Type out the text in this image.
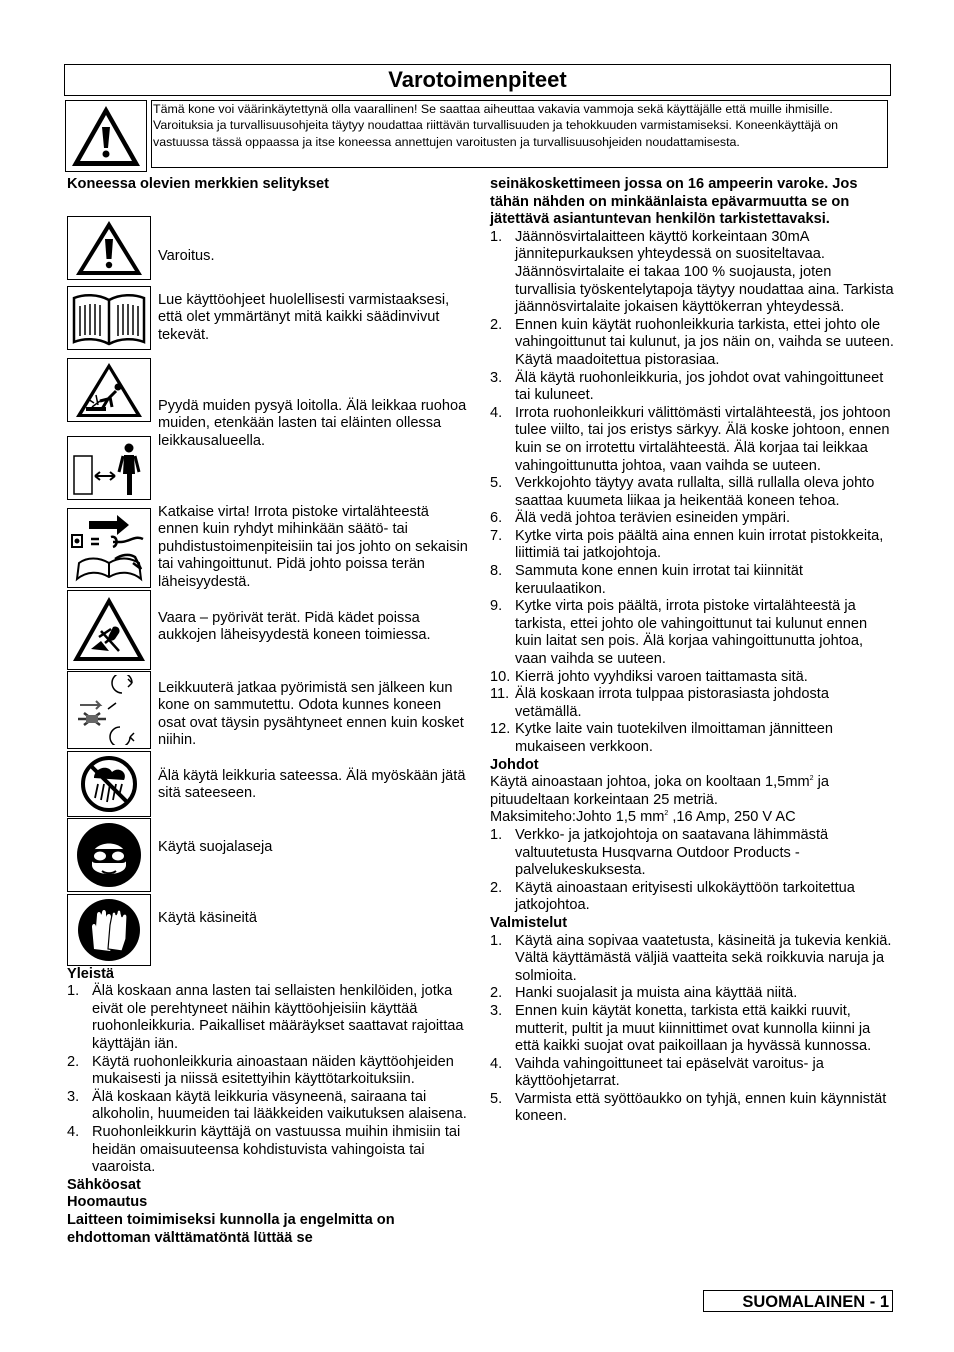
Varotoimenpiteet
Tämä kone voi väärinkäytettynä olla vaarallinen! Se saattaa aiheuttaa vakavia vammoja sekä käyttäjälle että muille ihmisille. Varoituksia ja turvallisuusohjeita täytyy noudattaa riittävän turvallisuuden ja tehokkuuden varmistamiseksi. Koneenkäyttäjä on vastuussa tässä oppaassa ja itse koneessa annettujen varoitusten ja turvallisuusohjeiden noudattamisesta.
Koneessa olevien merkkien selitykset
Varoitus.
Lue käyttöohjeet huolellisesti varmistaaksesi, että olet ymmärtänyt mitä kaikki säädinvivut tekevät.
Pyydä muiden pysyä loitolla. Älä leikkaa ruohoa muiden, etenkään lasten tai eläinten ollessa leikkausalueella.
Katkaise virta! Irrota pistoke virtalähteestä ennen kuin ryhdyt mihinkään säätö- tai puhdistustoimenpiteisiin tai jos johto on sekaisin tai vahingoittunut. Pidä johto poissa terän läheisyydestä.
Vaara – pyörivät terät. Pidä kädet poissa aukkojen läheisyydestä koneen toimiessa.
Leikkuuterä jatkaa pyörimistä sen jälkeen kun kone on sammutettu. Odota kunnes koneen osat ovat täysin pysähtyneet ennen kuin kosket niihin.
Älä käytä leikkuria sateessa. Älä myöskään jätä sitä sateeseen.
Käytä suojalaseja
Käytä käsineitä
Yleistä
1. Älä koskaan anna lasten tai sellaisten henkilöiden, jotka eivät ole perehtyneet näihin käyttöohjeisiin käyttää ruohonleikkuria. Paikalliset määräykset saattavat rajoittaa käyttäjän iän.
2. Käytä ruohonleikkuria ainoastaan näiden käyttöohjeiden mukaisesti ja niissä esitettyihin käyttötarkoituksiin.
3. Älä koskaan käytä leikkuria väsyneenä, sairaana tai alkoholin, huumeiden tai lääkkeiden vaikutuksen alaisena.
4. Ruohonleikkurin käyttäjä on vastuussa muihin ihmisiin tai heidän omaisuuteensa kohdistuvista vahingoista tai vaaroista.
Sähköosat
Hoomautus
Laitteen toimimiseksi kunnolla ja engelmitta on ehdottoman välttämatöntä lüttää se
seinäkoskettimeen jossa on 16 ampeerin varoke. Jos tähän nähden on minkäänlaista epävarmuutta se on jätettävä asiantuntevan henkilön tarkistettavaksi.
1. Jäännösvirtalaitteen käyttö korkeintaan 30mA jännitepurkauksen yhteydessä on suositeltavaa. Jäännösvirtalaite ei takaa 100 % suojausta, joten turvallisia työskentelytapoja täytyy noudattaa aina. Tarkista jäännösvirtalaite jokaisen käyttökerran yhteydessä.
2. Ennen kuin käytät ruohonleikkuria tarkista, ettei johto ole vahingoittunut tai kulunut, ja jos näin on, vaihda se uuteen. Käytä maadoitettua pistorasiaa.
3. Älä käytä ruohonleikkuria, jos johdot ovat vahingoittuneet tai kuluneet.
4. Irrota ruohonleikkuri välittömästi virtalähteestä, jos johtoon tulee viilto, tai jos eristys särkyy. Älä koske johtoon, ennen kuin se on irrotettu virtalähteestä. Älä korjaa tai leikkaa vahingoittunutta johtoa, vaan vaihda se uuteen.
5. Verkkojohto täytyy avata rullalta, sillä rullalla oleva johto saattaa kuumeta liikaa ja heikentää koneen tehoa.
6. Älä vedä johtoa terävien esineiden ympäri.
7. Kytke virta pois päältä aina ennen kuin irrotat pistokkeita, liittimiä tai jatkojohtoja.
8. Sammuta kone ennen kuin irrotat tai kiinnität keruulaatikon.
9. Kytke virta pois päältä, irrota pistoke virtalähteestä ja tarkista, ettei johto ole vahingoittunut tai kulunut ennen kuin laitat sen pois. Älä korjaa vahingoittunutta johtoa, vaan vaihda se uuteen.
10. Kierrä johto vyyhdiksi varoen taittamasta sitä.
11. Älä koskaan irrota tulppaa pistorasiasta johdosta vetämällä.
12. Kytke laite vain tuotekilven ilmoittaman jännitteen mukaiseen verkkoon.
Johdot
Käytä ainoastaan johtoa, joka on kooltaan $1,5mm^2$ ja pituudeltaan korkeintaan 25 metriä.
Maksimiteho:Johto 1,5 $mm^2$ ,16 Amp, 250 V AC
1. Verkko- ja jatkojohtoja on saatavana lähimmästä valtuutetusta Husqvarna Outdoor Products -palvelukeskuksesta.
2. Käytä ainoastaan erityisesti ulkokäyttöön tarkoitettua jatkojohtoa.
Valmistelut
1. Käytä aina sopivaa vaatetusta, käsineitä ja tukevia kenkiä. Vältä käyttämästä väljiä vaatteita sekä roikkuvia naruja ja solmioita.
2. Hanki suojalasit ja muista aina käyttää niitä.
3. Ennen kuin käytät konetta, tarkista että kaikki ruuvit, mutterit, pultit ja muut kiinnittimet ovat kunnolla kiinni ja että kaikki suojat ovat paikoillaan ja hyvässä kunnossa.
4. Vaihda vahingoittuneet tai epäselvät varoitus- ja käyttöohjetarrat.
5. Varmista että syöttöaukko on tyhjä, ennen kuin käynnistät koneen.
SUOMALAINEN - 1
